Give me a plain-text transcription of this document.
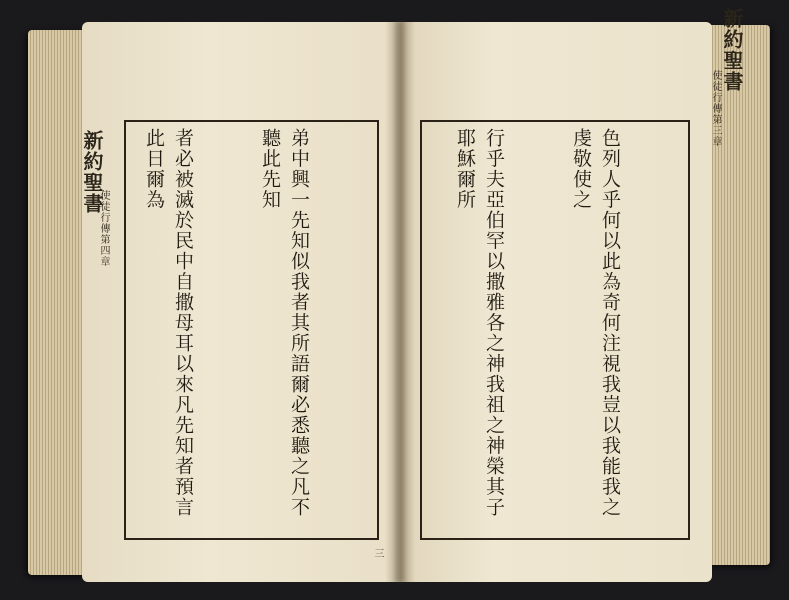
新約聖書
使徒行傳第四章
新約聖書
使徒行傳第三章

弟中興一先知似我者其所語爾必悉聽之凡不聽此先知

者必被滅於民中自撒母耳以來凡先知者預言此日爾為

	色列人乎何以此為奇何注視我豈以我能我之虔敬使之

行乎夫亞伯罕以撒雅各之神我祖之神榮其子耶穌爾所

三
